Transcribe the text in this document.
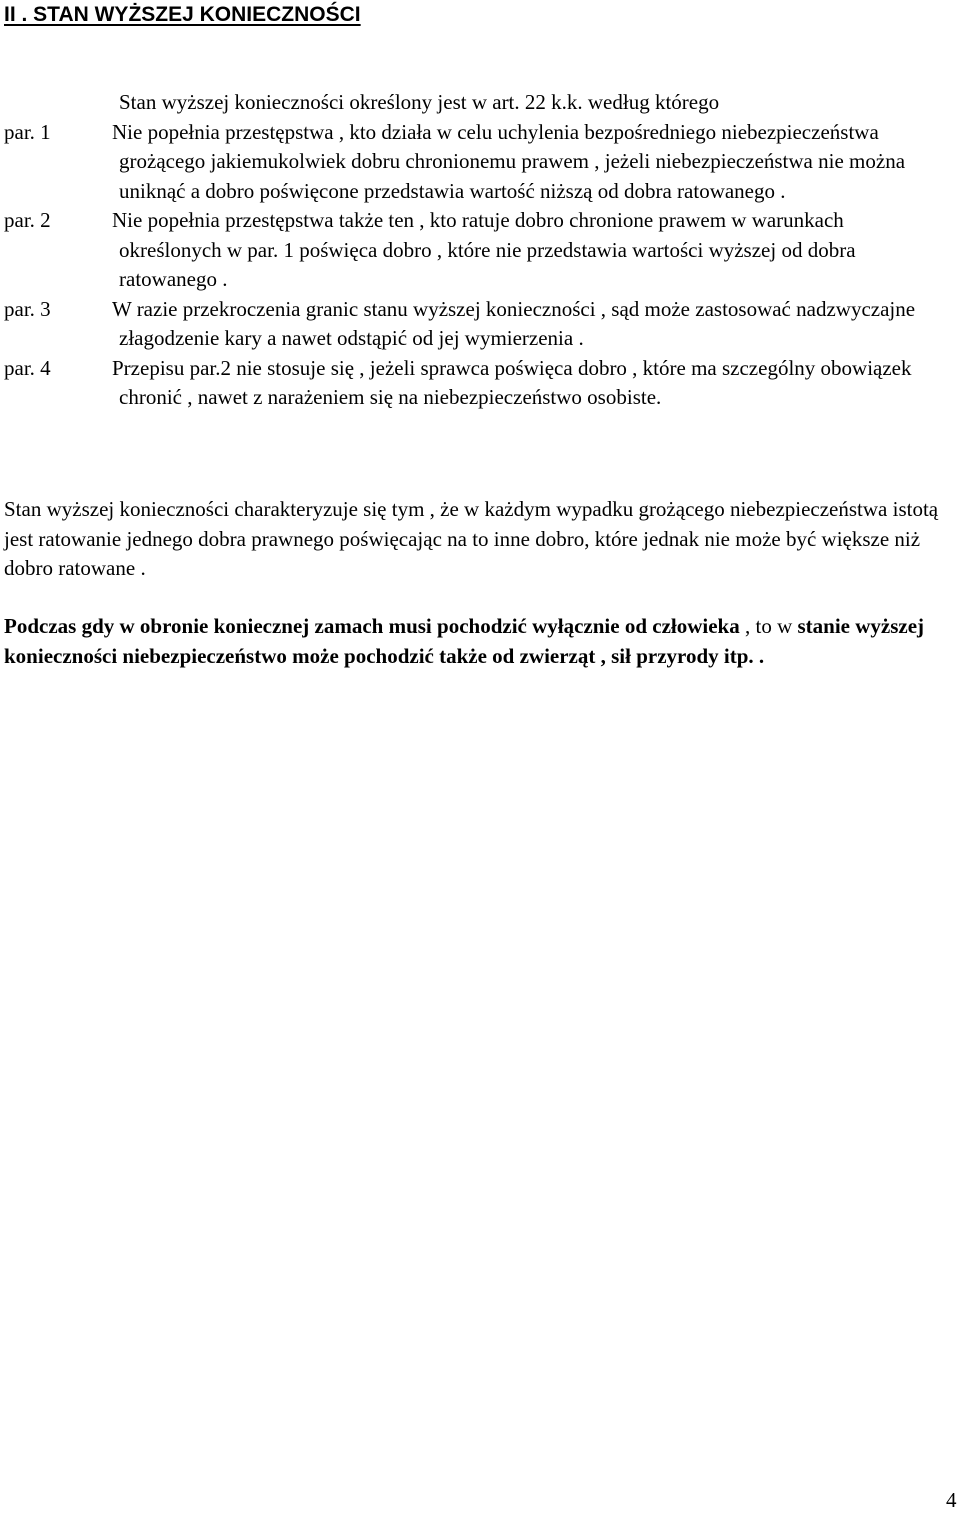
II . STAN WYŻSZEJ KONIECZNOŚCI
Stan wyższej konieczności określony jest w art. 22 k.k. według którego
par. 1	Nie popełnia przestępstwa , kto działa w celu uchylenia bezpośredniego niebezpieczeństwa grożącego jakiemukolwiek dobru chronionemu prawem , jeżeli niebezpieczeństwa nie można uniknąć a dobro poświęcone przedstawia wartość niższą od dobra ratowanego .
par. 2	Nie popełnia przestępstwa także ten , kto ratuje dobro chronione prawem w warunkach określonych w par. 1 poświęca dobro , które nie przedstawia wartości wyższej od dobra ratowanego .
par. 3	W razie przekroczenia granic stanu wyższej konieczności , sąd może zastosować nadzwyczajne złagodzenie kary a nawet odstąpić od jej wymierzenia .
par. 4	Przepisu par.2 nie stosuje się , jeżeli sprawca poświęca dobro , które ma szczególny obowiązek chronić , nawet z narażeniem się na niebezpieczeństwo osobiste.
Stan wyższej konieczności charakteryzuje się tym , że w każdym wypadku grożącego niebezpieczeństwa istotą jest ratowanie jednego dobra prawnego poświęcając na to inne dobro, które jednak nie może być większe niż dobro ratowane .
Podczas gdy w obronie koniecznej zamach musi pochodzić wyłącznie od człowieka , to w stanie wyższej konieczności niebezpieczeństwo może pochodzić także od zwierząt , sił przyrody itp. .
4
